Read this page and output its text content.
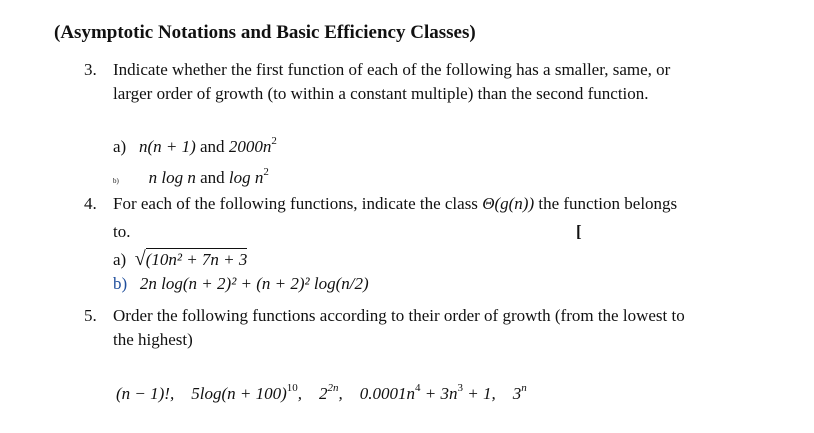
(Asymptotic Notations and Basic Efficiency Classes)
3. Indicate whether the first function of each of the following has a smaller, same, or
larger order of growth (to within a constant multiple) than the second function.
a) n(n + 1) and $2000n^2$
b) n log n and $\log n^2$
4. For each of the following functions, indicate the class Θ(g(n)) the function belongs
to.	[
a) √(10n² + 7n + 3
b) 2n log(n + 2)² + (n + 2)² log(n/2)
5. Order the following functions according to their order of growth (from the lowest to
the highest)
(n − 1)!, $5\log(n + 100)^{10}$, $2^{2n}$, $0.0001n^4 + 3n^3 + 1$, 3$^n$
